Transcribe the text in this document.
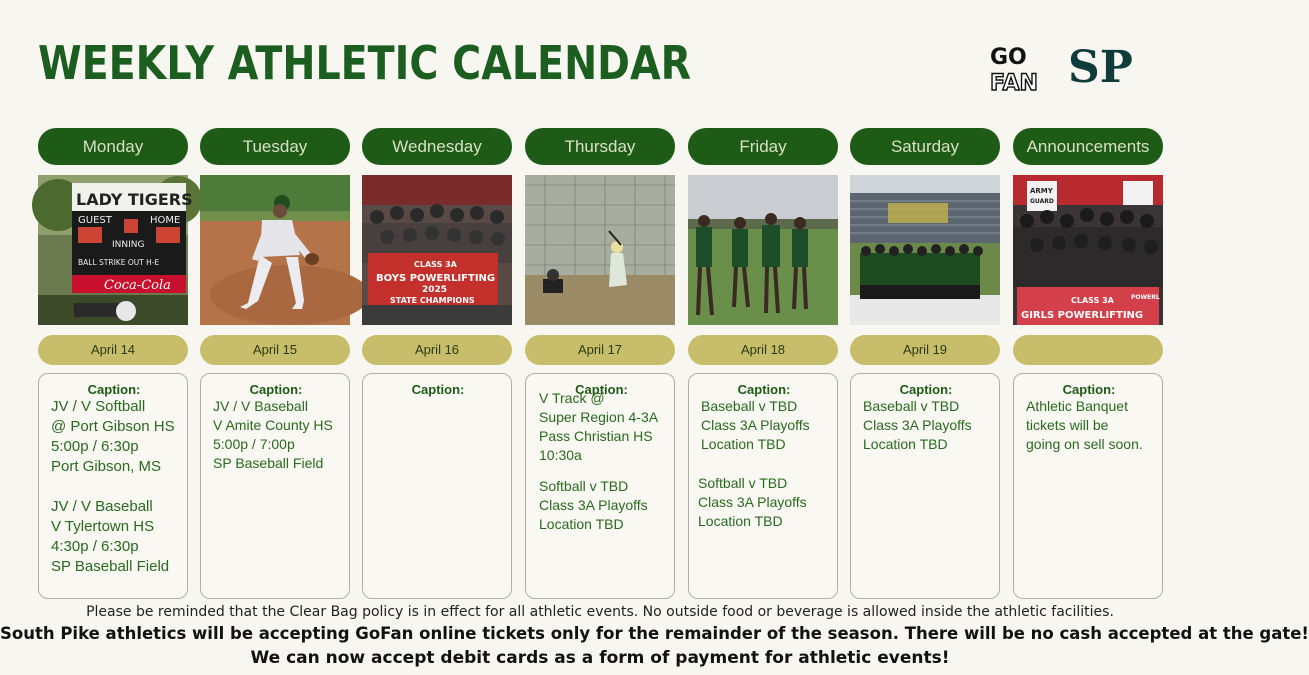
WEEKLY ATHLETIC CALENDAR	GO
FAN SP
Monday
LADY TIGERS
GUEST	HOME
INNING
BALL STRIKE OUT H-E
Coca-Cola
April 14
Caption:
JV / V Softball
@ Port Gibson HS
5:00p / 6:30p
Port Gibson, MS
JV / V Baseball
V Tylertown HS
4:30p / 6:30p
SP Baseball Field
Tuesday
April 15
Caption:
JV / V Baseball
V Amite County HS
5:00p / 7:00p
SP Baseball Field
Wednesday
CLASS 3A
BOYS POWERLIFTING
2025
STATE CHAMPIONS
April 16
Caption:
Thursday
April 17
Caption:
V Track @
Super Region 4-3A
Pass Christian HS
10:30a
Softball v TBD
Class 3A Playoffs
Location TBD
Friday
April 18
Caption:
Baseball v TBD
Class 3A Playoffs
Location TBD
Softball v TBD
Class 3A Playoffs
Location TBD
Saturday
April 19
Caption:
Baseball v TBD
Class 3A Playoffs
Location TBD
Announcements
ARMY
GUARD
CLASS 3A
GIRLS POWERLIFTING
POWERL
Caption:
Athletic Banquet
tickets will be
going on sell soon.
Please be reminded that the Clear Bag policy is in effect for all athletic events. No outside food or beverage is allowed inside the athletic facilities.
South Pike athletics will be accepting GoFan online tickets only for the remainder of the season. There will be no cash accepted at the gate!
We can now accept debit cards as a form of payment for athletic events!
